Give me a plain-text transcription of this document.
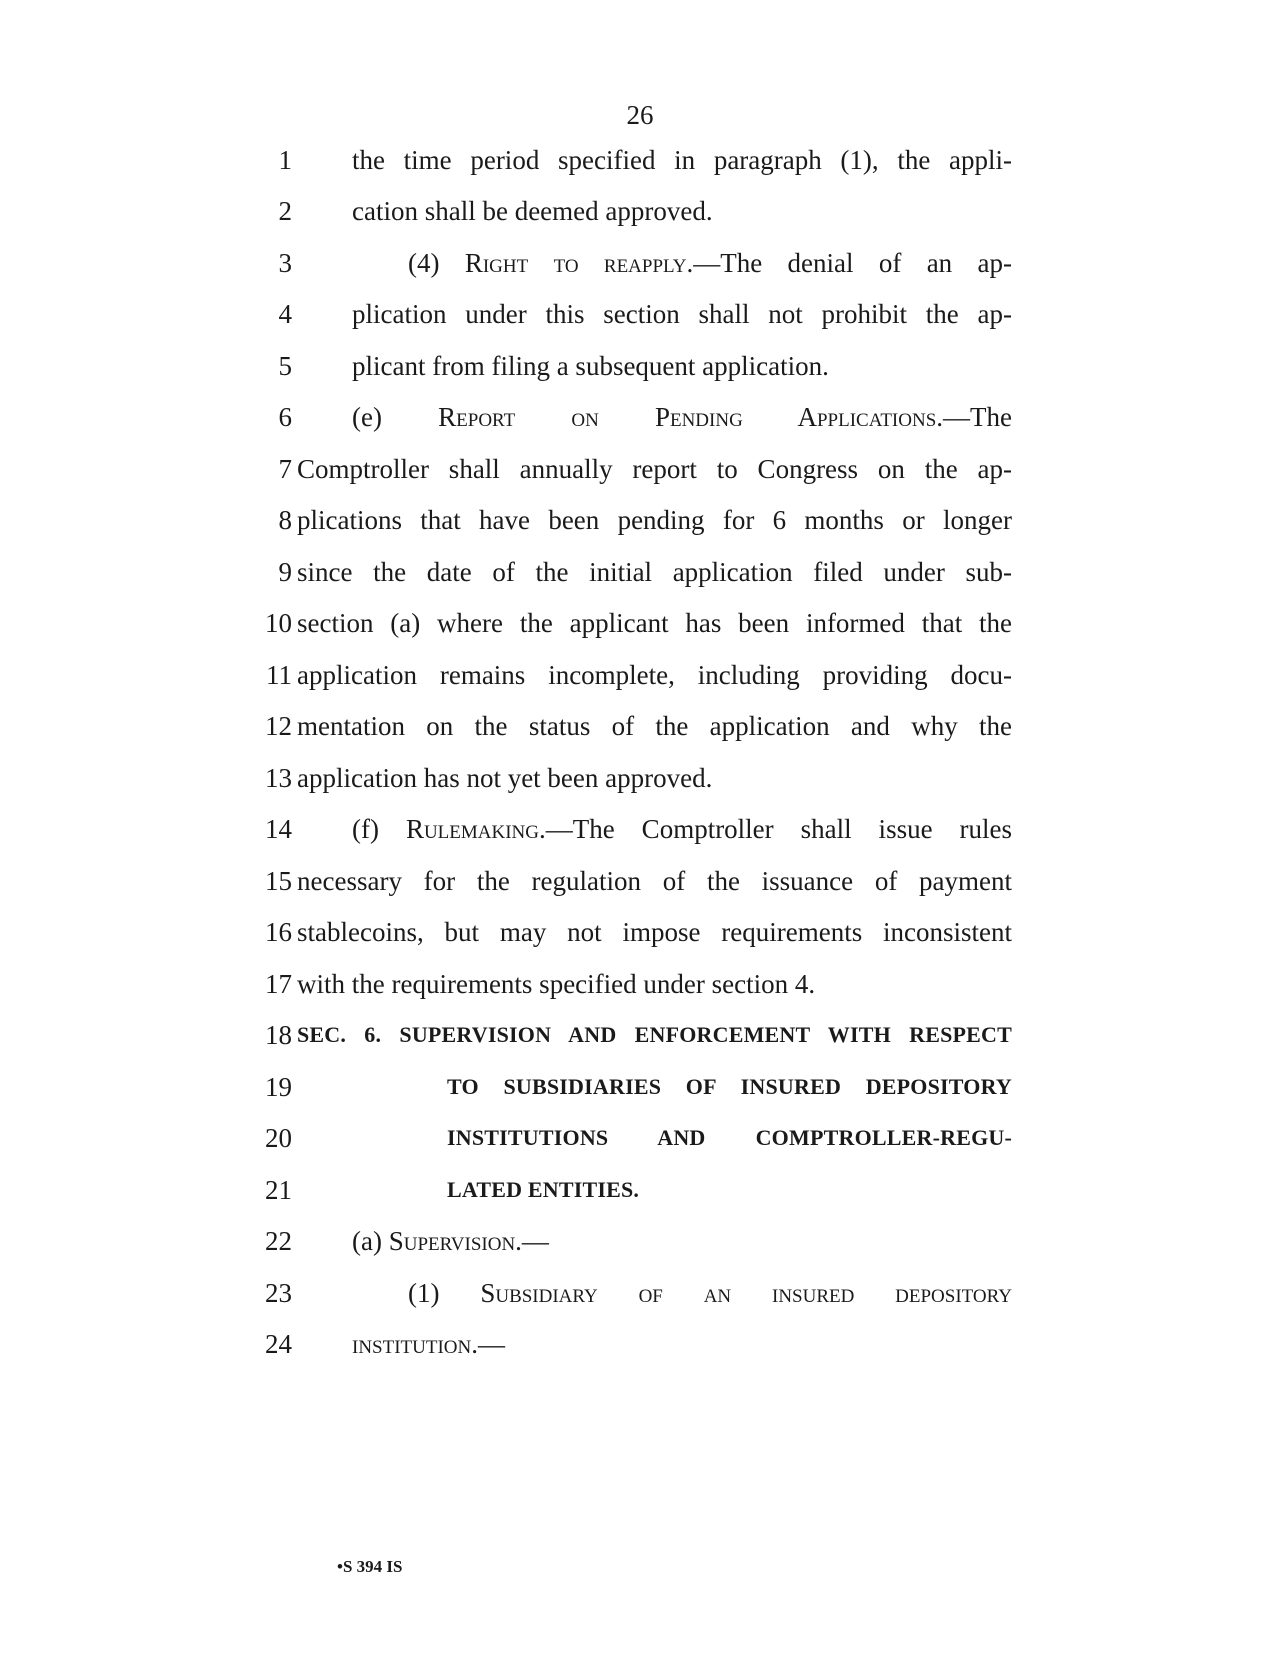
26
1 the time period specified in paragraph (1), the appli-
2 cation shall be deemed approved.
3	(4) Right to reapply.—The denial of an ap-
4 plication under this section shall not prohibit the ap-
5 plicant from filing a subsequent application.
6 (e) Report on Pending Applications.—The
7 Comptroller shall annually report to Congress on the ap-
8 plications that have been pending for 6 months or longer
9 since the date of the initial application filed under sub-
10 section (a) where the applicant has been informed that the
11 application remains incomplete, including providing docu-
12 mentation on the status of the application and why the
13 application has not yet been approved.
14 (f) Rulemaking.—The Comptroller shall issue rules
15 necessary for the regulation of the issuance of payment
16 stablecoins, but may not impose requirements inconsistent
17 with the requirements specified under section 4.
18 SEC. 6. SUPERVISION AND ENFORCEMENT WITH RESPECT
19	TO SUBSIDIARIES OF INSURED DEPOSITORY
20	INSTITUTIONS AND COMPTROLLER-REGU-
21	LATED ENTITIES.
22 (a) Supervision.—
23	(1) Subsidiary of an insured depository
24 institution.—
•S 394 IS
